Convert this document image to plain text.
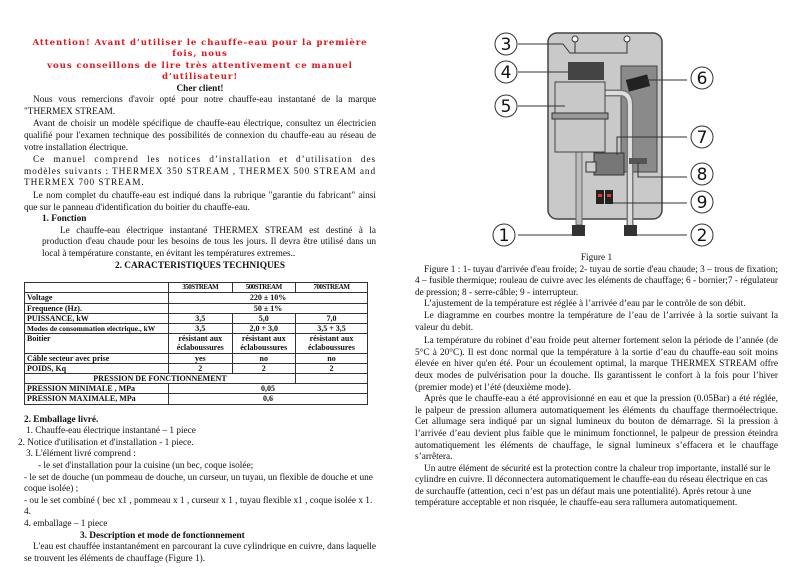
Attention! Avant d’utiliser le chauffe-eau pour la première fois, nous
vous conseillons de lire très attentivement ce manuel d’utilisateur!
Cher client!
Nous vous remercions d'avoir opté pour notre chauffe-eau instantané de la marque "THERMEX STREAM.
Avant de choisir un modèle spécifique de chauffe-eau électrique, consultez un électricien qualifié pour l'examen technique des possibilités de connexion du chauffe-eau au réseau de votre installation électrique.
Ce manuel comprend les notices d’installation et d’utilisation des modèles suivants : THERMEX 350 STREAM , THERMEX 500 STREAM and THERMEX 700 STREAM.
Le nom complet du chauffe-eau est indiqué dans la rubrique "garantie du fabricant" ainsi que sur le panneau d'identification du boitier du chauffe-eau.
1. Fonction
Le chauffe-eau électrique instantané THERMEX STREAM est destiné à la production d'eau chaude pour les besoins de tous les jours. Il devra être utilisé dans un local à température constante, en évitant les températures extremes..
2. CARACTERISTIQUES TECHNIQUES
	350STREAM	500STREAM	700STREAM
Voltage	220 ± 10%		
Frequence (Hz).	50 ± 1%		
PUISSANCE, kW	3,5	5,0	7,0
Modes de consommation electrique., kW	3,5	2,0 + 3,0	3,5 + 3,5
Boitier	résistant aux éclaboussures	résistant aux éclaboussures	résistant aux éclaboussures
Câble secteur avec prise	yes	no	no
POIDS, Kq	2	2	2
PRESSION DE FONCTIONNEMENT			
PRESSION MINIMALE , MPa	0,05		
PRESSION MAXIMALE, MPa	0,6		
2. Emballage livré.
1. Chauffe-eau électrique instantané – 1 piece
2. Notice d'utilisation et d'installation - 1 piece.
3. L'élément livré comprend :
- le set d'installation pour la cuisine (un bec, coque isolée;
- le set de douche (un pommeau de douche, un curseur, un tuyau, un flexible de douche et une coque isolée) ;
- ou le set combiné ( bec x1 , pommeau x 1 , curseur x 1 , tuyau flexible x1 , coque isolée x 1. 4.
4. emballage – 1 piece
3. Description et mode de fonctionnement
L'eau est chauffée instantanément en parcourant la cuve cylindrique en cuivre, dans laquelle se trouvent les éléments de chauffage (Figure 1).
1	2
3
4
5
6
7
8
9
Figure 1
Figure 1 : 1- tuyau d'arrivée d'eau froide; 2- tuyau de sortie d'eau chaude; 3 – trous de fixation; 4 – fusible thermique; rouleau de cuivre avec les eléments de chauffage; 6 - bornier;7 - régulateur de pression; 8 - serre-câble; 9 - interrupteur.
L’ajustement de la température est réglée à l’arrivée d’eau par le contrôle de son débit.
Le diagramme en courbes montre la température de l’eau de l’arrivée à la sortie suivant la valeur du debit.
La température du robinet d’eau froide peut alterner fortement selon la période de l’année (de 5°C à 20°C). Il est donc normal que la température à la sortie d’eau du chauffe-eau soit moins élevée en hiver qu'en été. Pour un écoulement optimal, la marque THERMEX STREAM offre deux modes de pulvérisation pour la douche. Ils garantissent le confort à la fois pour l’hiver (premier mode) et l’été (deuxième mode).
Après que le chauffe-eau a été approvisionné en eau et que la pression (0.05Bar) a été réglée, le palpeur de pression allumera automatiquement les éléments du chauffage thermoélectrique. Cet allumage sera indiqué par un signal lumineux du bouton de démarrage. Si la pression à l’arrivée d’eau devient plus faible que le minimum fonctionnel, le palpeur de pression éteindra automatiquement les éléments de chauffage, le signal lumineux s’effacera et le chauffage s’arrêtera.
Un autre élément de sécurité est la protection contre la chaleur trop importante, installé sur le cylindre en cuivre. Il déconnectera automatiquement le chauffe-eau du réseau électrique en cas de surchauffe (attention, ceci n’est pas un défaut mais une potentialité). Après retour à une température acceptable et non risquée, le chauffe-eau sera rallumera automatiquement.
